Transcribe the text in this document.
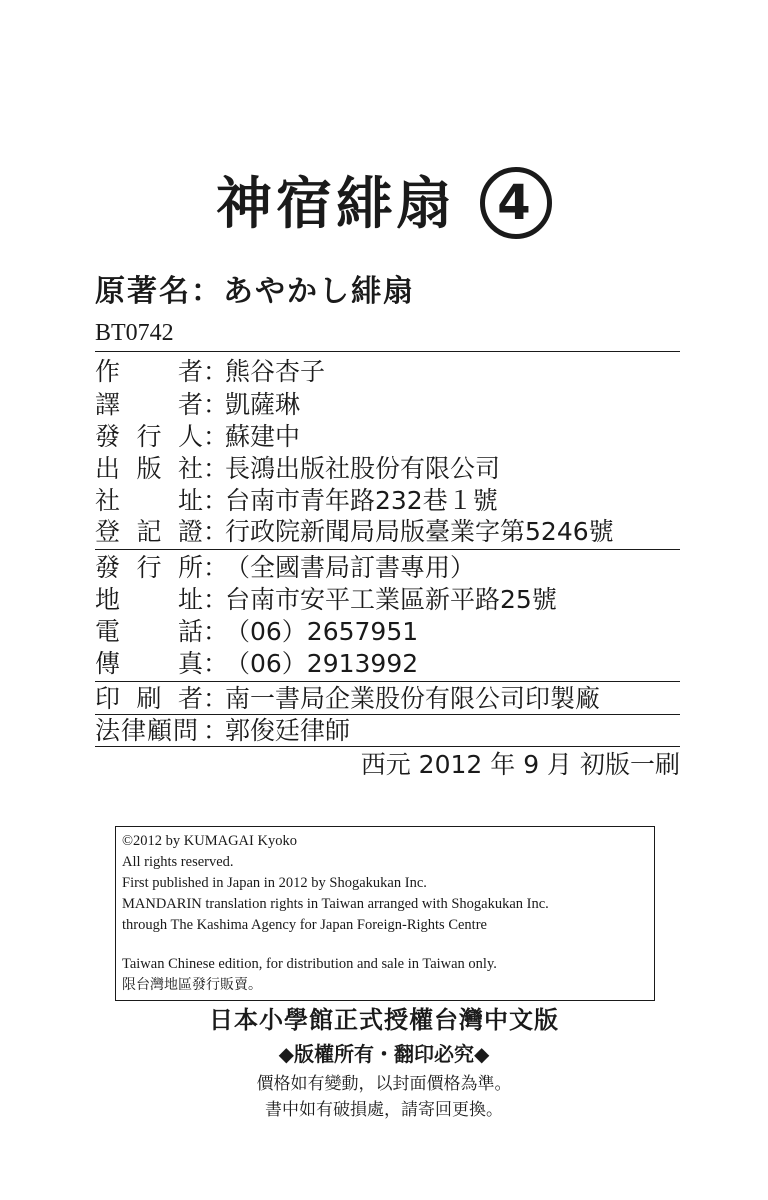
神宿緋扇 4
原著名：あやかし緋扇
BT0742
作者：熊谷杏子
譯者：凱薩琳
發行人：蘇建中
出版社：長鴻出版社股份有限公司
社址：台南市青年路232巷１號
登記證：行政院新聞局局版臺業字第5246號
發行所：（全國書局訂書專用）
地址：台南市安平工業區新平路25號
電話：（06）2657951
傳真：（06）2913992
印刷者：南一書局企業股份有限公司印製廠
法律顧問 ：郭俊廷律師
西元 2012 年 9 月 初版一刷
©2012 by KUMAGAI Kyoko
All rights reserved.
First published in Japan in 2012 by Shogakukan Inc.
MANDARIN translation rights in Taiwan arranged with Shogakukan Inc.
through The Kashima Agency for Japan Foreign-Rights Centre
Taiwan Chinese edition, for distribution and sale in Taiwan only.
限台灣地區發行販賣。
日本小學館正式授權台灣中文版
◆版權所有・翻印必究◆
價格如有變動，以封面價格為準。
書中如有破損處，請寄回更換。
